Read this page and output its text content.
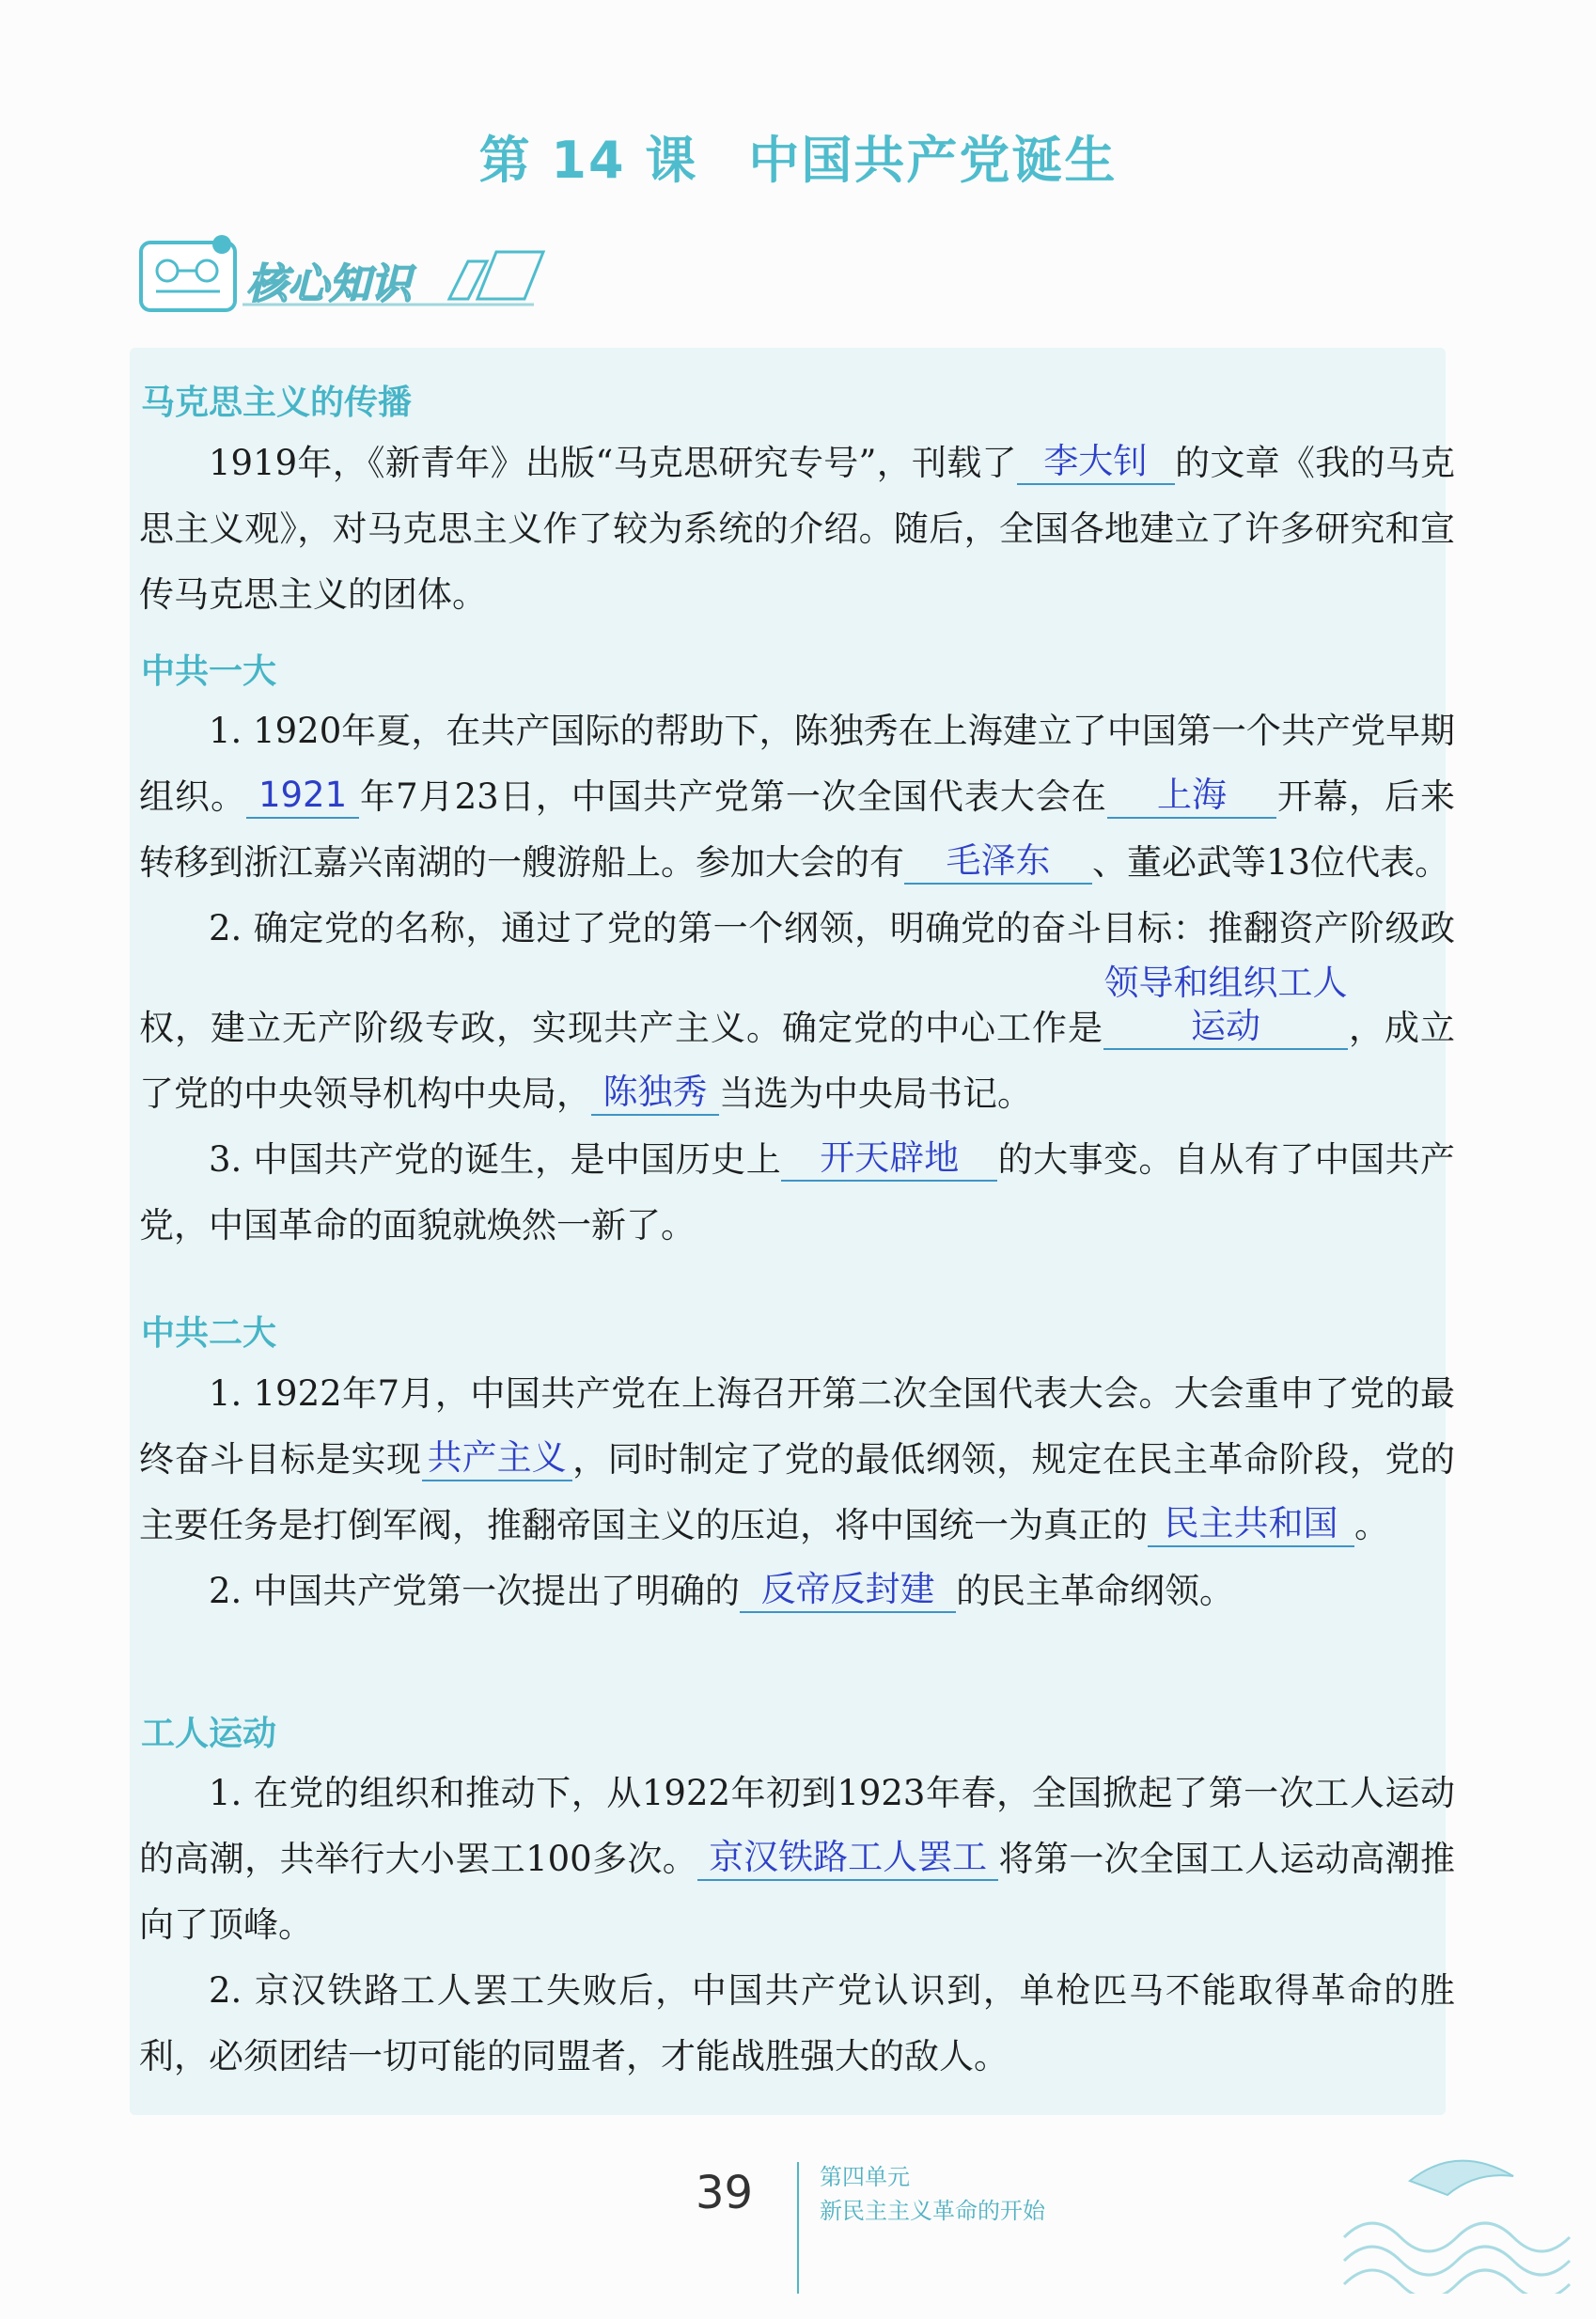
第 14 课 中国共产党诞生
核心知识
马克思主义的传播

1919年，《新青年》出版“马克思研究专号”，刊载了 李大钊 的文章《我的马克思主义观》，对马克思主义作了较为系统的介绍。随后，全国各地建立了许多研究和宣传马克思主义的团体。

中共一大

1. 1920年夏，在共产国际的帮助下，陈独秀在上海建立了中国第一个共产党早期组织。 1921 年7月23日，中国共产党第一次全国代表大会在 上海 开幕，后来转移到浙江嘉兴南湖的一艘游船上。参加大会的有 毛泽东 、董必武等13位代表。

2. 确定党的名称，通过了党的第一个纲领，明确党的奋斗目标：推翻资产阶级政权，建立无产阶级专政，实现共产主义。确定党的中心工作是领导和组织工人运动	，成立了党的中央领导机构中央局， 陈独秀 当选为中央局书记。

3. 中国共产党的诞生，是中国历史上 开天辟地 的大事变。自从有了中国共产党，中国革命的面貌就焕然一新了。

中共二大

1. 1922年7月，中国共产党在上海召开第二次全国代表大会。大会重申了党的最终奋斗目标是实现 共产主义 ，同时制定了党的最低纲领，规定在民主革命阶段，党的主要任务是打倒军阀，推翻帝国主义的压迫，将中国统一为真正的 民主共和国 。

2. 中国共产党第一次提出了明确的 反帝反封建 的民主革命纲领。

工人运动

1. 在党的组织和推动下，从1922年初到1923年春，全国掀起了第一次工人运动的高潮，共举行大小罢工100多次。 京汉铁路工人罢工 将第一次全国工人运动高潮推向了顶峰。

2. 京汉铁路工人罢工失败后，中国共产党认识到，单枪匹马不能取得革命的胜利，必须团结一切可能的同盟者，才能战胜强大的敌人。

39	第四单元
新民主主义革命的开始
